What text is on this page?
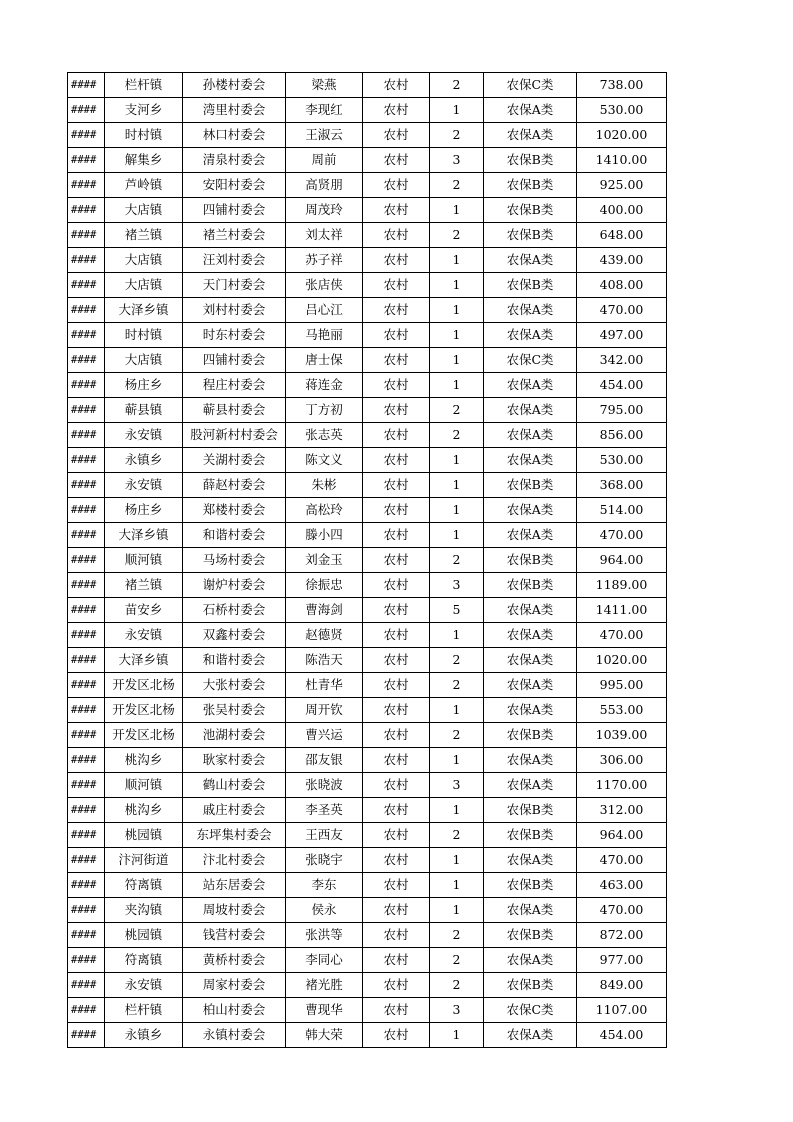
####	栏杆镇	孙楼村委会	梁燕	农村	2	农保C类	738.00
####	支河乡	湾里村委会	李现红	农村	1	农保A类	530.00
####	时村镇	林口村委会	王淑云	农村	2	农保A类	1020.00
####	解集乡	清泉村委会	周前	农村	3	农保B类	1410.00
####	芦岭镇	安阳村委会	高贤朋	农村	2	农保B类	925.00
####	大店镇	四铺村委会	周茂玲	农村	1	农保B类	400.00
####	褚兰镇	褚兰村委会	刘太祥	农村	2	农保B类	648.00
####	大店镇	汪刘村委会	苏子祥	农村	1	农保A类	439.00
####	大店镇	天门村委会	张店侠	农村	1	农保B类	408.00
####	大泽乡镇	刘村村委会	吕心江	农村	1	农保A类	470.00
####	时村镇	时东村委会	马艳丽	农村	1	农保A类	497.00
####	大店镇	四铺村委会	唐士保	农村	1	农保C类	342.00
####	杨庄乡	程庄村委会	蒋连金	农村	1	农保A类	454.00
####	蕲县镇	蕲县村委会	丁方初	农村	2	农保A类	795.00
####	永安镇	股河新村村委会	张志英	农村	2	农保A类	856.00
####	永镇乡	关湖村委会	陈文义	农村	1	农保A类	530.00
####	永安镇	薛赵村委会	朱彬	农村	1	农保B类	368.00
####	杨庄乡	郑楼村委会	高松玲	农村	1	农保A类	514.00
####	大泽乡镇	和谐村委会	滕小四	农村	1	农保A类	470.00
####	顺河镇	马场村委会	刘金玉	农村	2	农保B类	964.00
####	褚兰镇	谢炉村委会	徐振忠	农村	3	农保B类	1189.00
####	苗安乡	石桥村委会	曹海剑	农村	5	农保A类	1411.00
####	永安镇	双鑫村委会	赵德贤	农村	1	农保A类	470.00
####	大泽乡镇	和谐村委会	陈浩天	农村	2	农保A类	1020.00
####	开发区北杨	大张村委会	杜青华	农村	2	农保A类	995.00
####	开发区北杨	张吴村委会	周开钦	农村	1	农保A类	553.00
####	开发区北杨	池湖村委会	曹兴运	农村	2	农保B类	1039.00
####	桃沟乡	耿家村委会	邵友银	农村	1	农保A类	306.00
####	顺河镇	鹤山村委会	张晓波	农村	3	农保A类	1170.00
####	桃沟乡	戚庄村委会	李圣英	农村	1	农保B类	312.00
####	桃园镇	东坪集村委会	王西友	农村	2	农保B类	964.00
####	汴河街道	汴北村委会	张晓宇	农村	1	农保A类	470.00
####	符离镇	站东居委会	李东	农村	1	农保B类	463.00
####	夹沟镇	周坡村委会	侯永	农村	1	农保A类	470.00
####	桃园镇	钱营村委会	张洪等	农村	2	农保B类	872.00
####	符离镇	黄桥村委会	李同心	农村	2	农保A类	977.00
####	永安镇	周家村委会	褚光胜	农村	2	农保B类	849.00
####	栏杆镇	柏山村委会	曹现华	农村	3	农保C类	1107.00
####	永镇乡	永镇村委会	韩大荣	农村	1	农保A类	454.00
